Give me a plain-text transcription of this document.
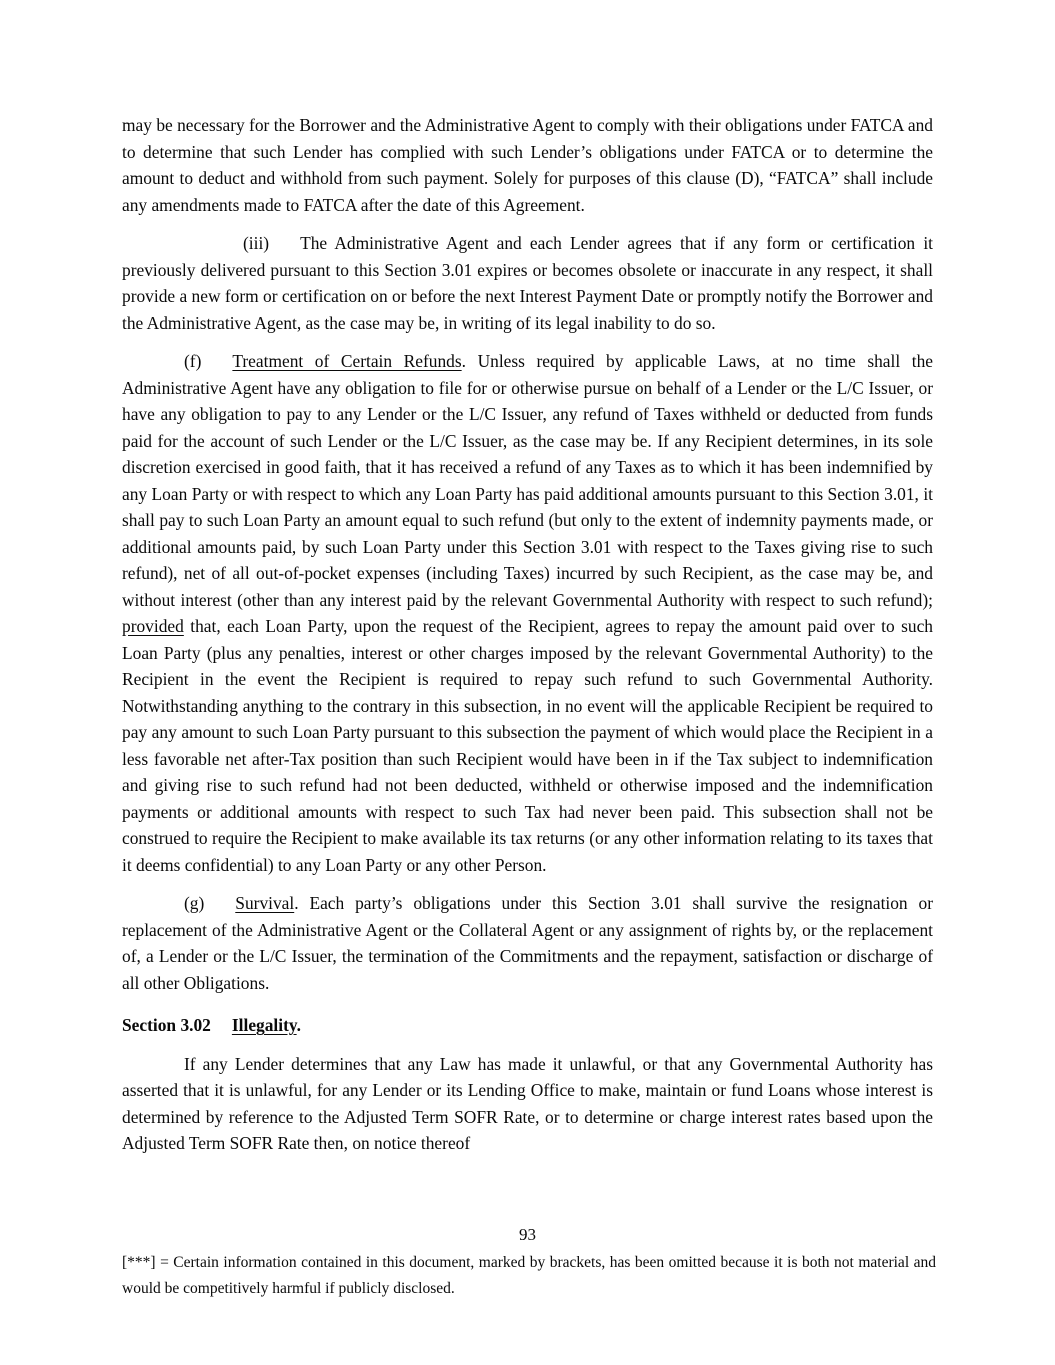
may be necessary for the Borrower and the Administrative Agent to comply with their obligations under FATCA and to determine that such Lender has complied with such Lender’s obligations under FATCA or to determine the amount to deduct and withhold from such payment. Solely for purposes of this clause (D), “FATCA” shall include any amendments made to FATCA after the date of this Agreement.

(iii) The Administrative Agent and each Lender agrees that if any form or certification it previously delivered pursuant to this Section 3.01 expires or becomes obsolete or inaccurate in any respect, it shall provide a new form or certification on or before the next Interest Payment Date or promptly notify the Borrower and the Administrative Agent, as the case may be, in writing of its legal inability to do so.

(f) Treatment of Certain Refunds. Unless required by applicable Laws, at no time shall the Administrative Agent have any obligation to file for or otherwise pursue on behalf of a Lender or the L/C Issuer, or have any obligation to pay to any Lender or the L/C Issuer, any refund of Taxes withheld or deducted from funds paid for the account of such Lender or the L/C Issuer, as the case may be. If any Recipient determines, in its sole discretion exercised in good faith, that it has received a refund of any Taxes as to which it has been indemnified by any Loan Party or with respect to which any Loan Party has paid additional amounts pursuant to this Section 3.01, it shall pay to such Loan Party an amount equal to such refund (but only to the extent of indemnity payments made, or additional amounts paid, by such Loan Party under this Section 3.01 with respect to the Taxes giving rise to such refund), net of all out-of-pocket expenses (including Taxes) incurred by such Recipient, as the case may be, and without interest (other than any interest paid by the relevant Governmental Authority with respect to such refund); provided that, each Loan Party, upon the request of the Recipient, agrees to repay the amount paid over to such Loan Party (plus any penalties, interest or other charges imposed by the relevant Governmental Authority) to the Recipient in the event the Recipient is required to repay such refund to such Governmental Authority. Notwithstanding anything to the contrary in this subsection, in no event will the applicable Recipient be required to pay any amount to such Loan Party pursuant to this subsection the payment of which would place the Recipient in a less favorable net after-Tax position than such Recipient would have been in if the Tax subject to indemnification and giving rise to such refund had not been deducted, withheld or otherwise imposed and the indemnification payments or additional amounts with respect to such Tax had never been paid. This subsection shall not be construed to require the Recipient to make available its tax returns (or any other information relating to its taxes that it deems confidential) to any Loan Party or any other Person.

(g) Survival. Each party’s obligations under this Section 3.01 shall survive the resignation or replacement of the Administrative Agent or the Collateral Agent or any assignment of rights by, or the replacement of, a Lender or the L/C Issuer, the termination of the Commitments and the repayment, satisfaction or discharge of all other Obligations.

Section 3.02 Illegality.

If any Lender determines that any Law has made it unlawful, or that any Governmental Authority has asserted that it is unlawful, for any Lender or its Lending Office to make, maintain or fund Loans whose interest is determined by reference to the Adjusted Term SOFR Rate, or to determine or charge interest rates based upon the Adjusted Term SOFR Rate then, on notice thereof

93
[***] = Certain information contained in this document, marked by brackets, has been omitted because it is both not material and would be competitively harmful if publicly disclosed.
